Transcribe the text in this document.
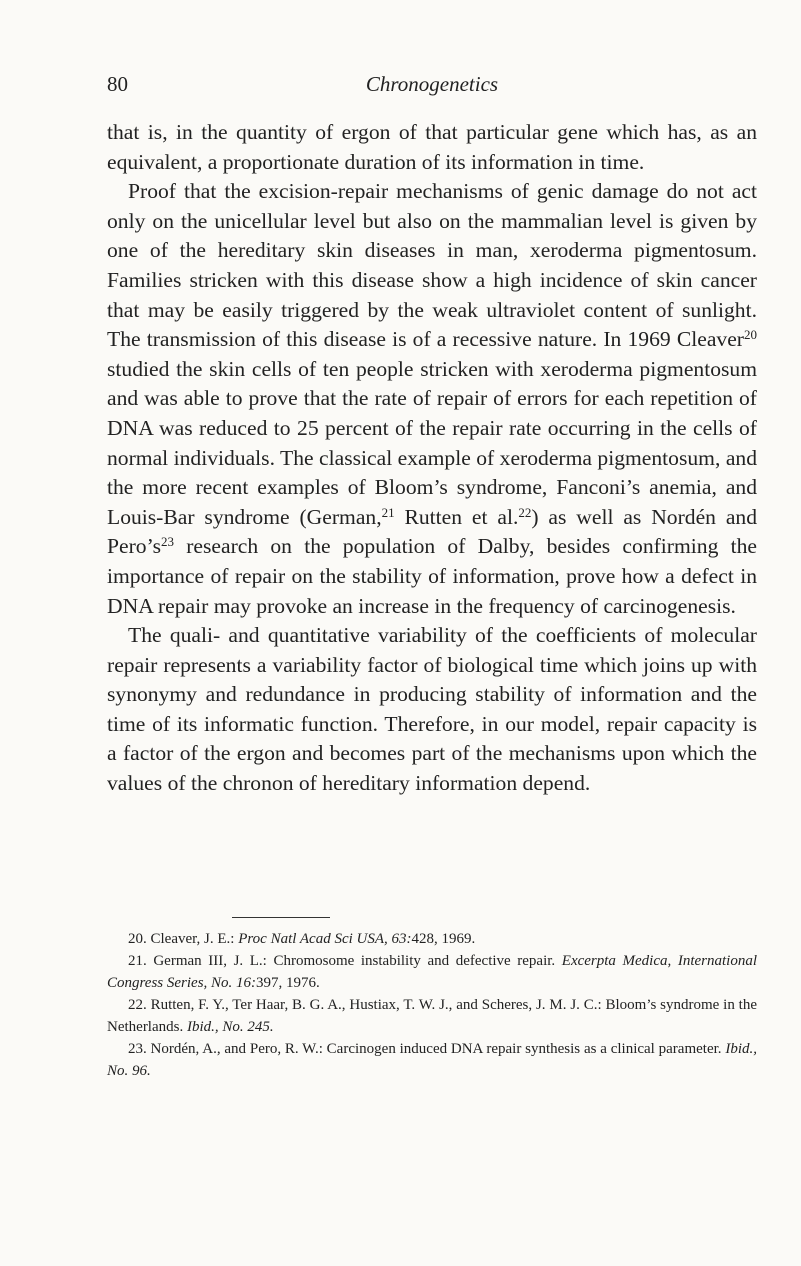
80	Chronogenetics

that is, in the quantity of ergon of that particular gene which has, as an equivalent, a proportionate duration of its information in time.

Proof that the excision-repair mechanisms of genic damage do not act only on the unicellular level but also on the mammalian level is given by one of the hereditary skin diseases in man, xeroderma pigmentosum. Families stricken with this disease show a high incidence of skin cancer that may be easily triggered by the weak ultraviolet content of sunlight. The transmission of this disease is of a recessive nature. In 1969 Cleaver$^{20}$ studied the skin cells of ten people stricken with xeroderma pigmentosum and was able to prove that the rate of repair of errors for each repetition of DNA was reduced to 25 percent of the repair rate occurring in the cells of normal individuals. The classical example of xeroderma pigmentosum, and the more recent examples of Bloom’s syndrome, Fanconi’s anemia, and Louis-Bar syndrome (German,$^{21}$ Rutten et al.$^{22}$) as well as Nordén and $Pero’s^{23}$ research on the population of Dalby, besides confirming the importance of repair on the stability of information, prove how a defect in DNA repair may provoke an increase in the frequency of carcinogenesis.

The quali- and quantitative variability of the coefficients of molecular repair represents a variability factor of biological time which joins up with synonymy and redundance in producing stability of information and the time of its informatic function. Therefore, in our model, repair capacity is a factor of the ergon and becomes part of the mechanisms upon which the values of the chronon of hereditary information depend.

20. Cleaver, J. E.: Proc Natl Acad Sci USA, 63:428, 1969.

21. German III, J. L.: Chromosome instability and defective repair. Excerpta Medica, International Congress Series, No. 16:397, 1976.

22. Rutten, F. Y., Ter Haar, B. G. A., Hustiax, T. W. J., and Scheres, J. M. J. C.: Bloom’s syndrome in the Netherlands. Ibid., No. 245.

23. Nordén, A., and Pero, R. W.: Carcinogen induced DNA repair synthesis as a clinical parameter. Ibid., No. 96.
